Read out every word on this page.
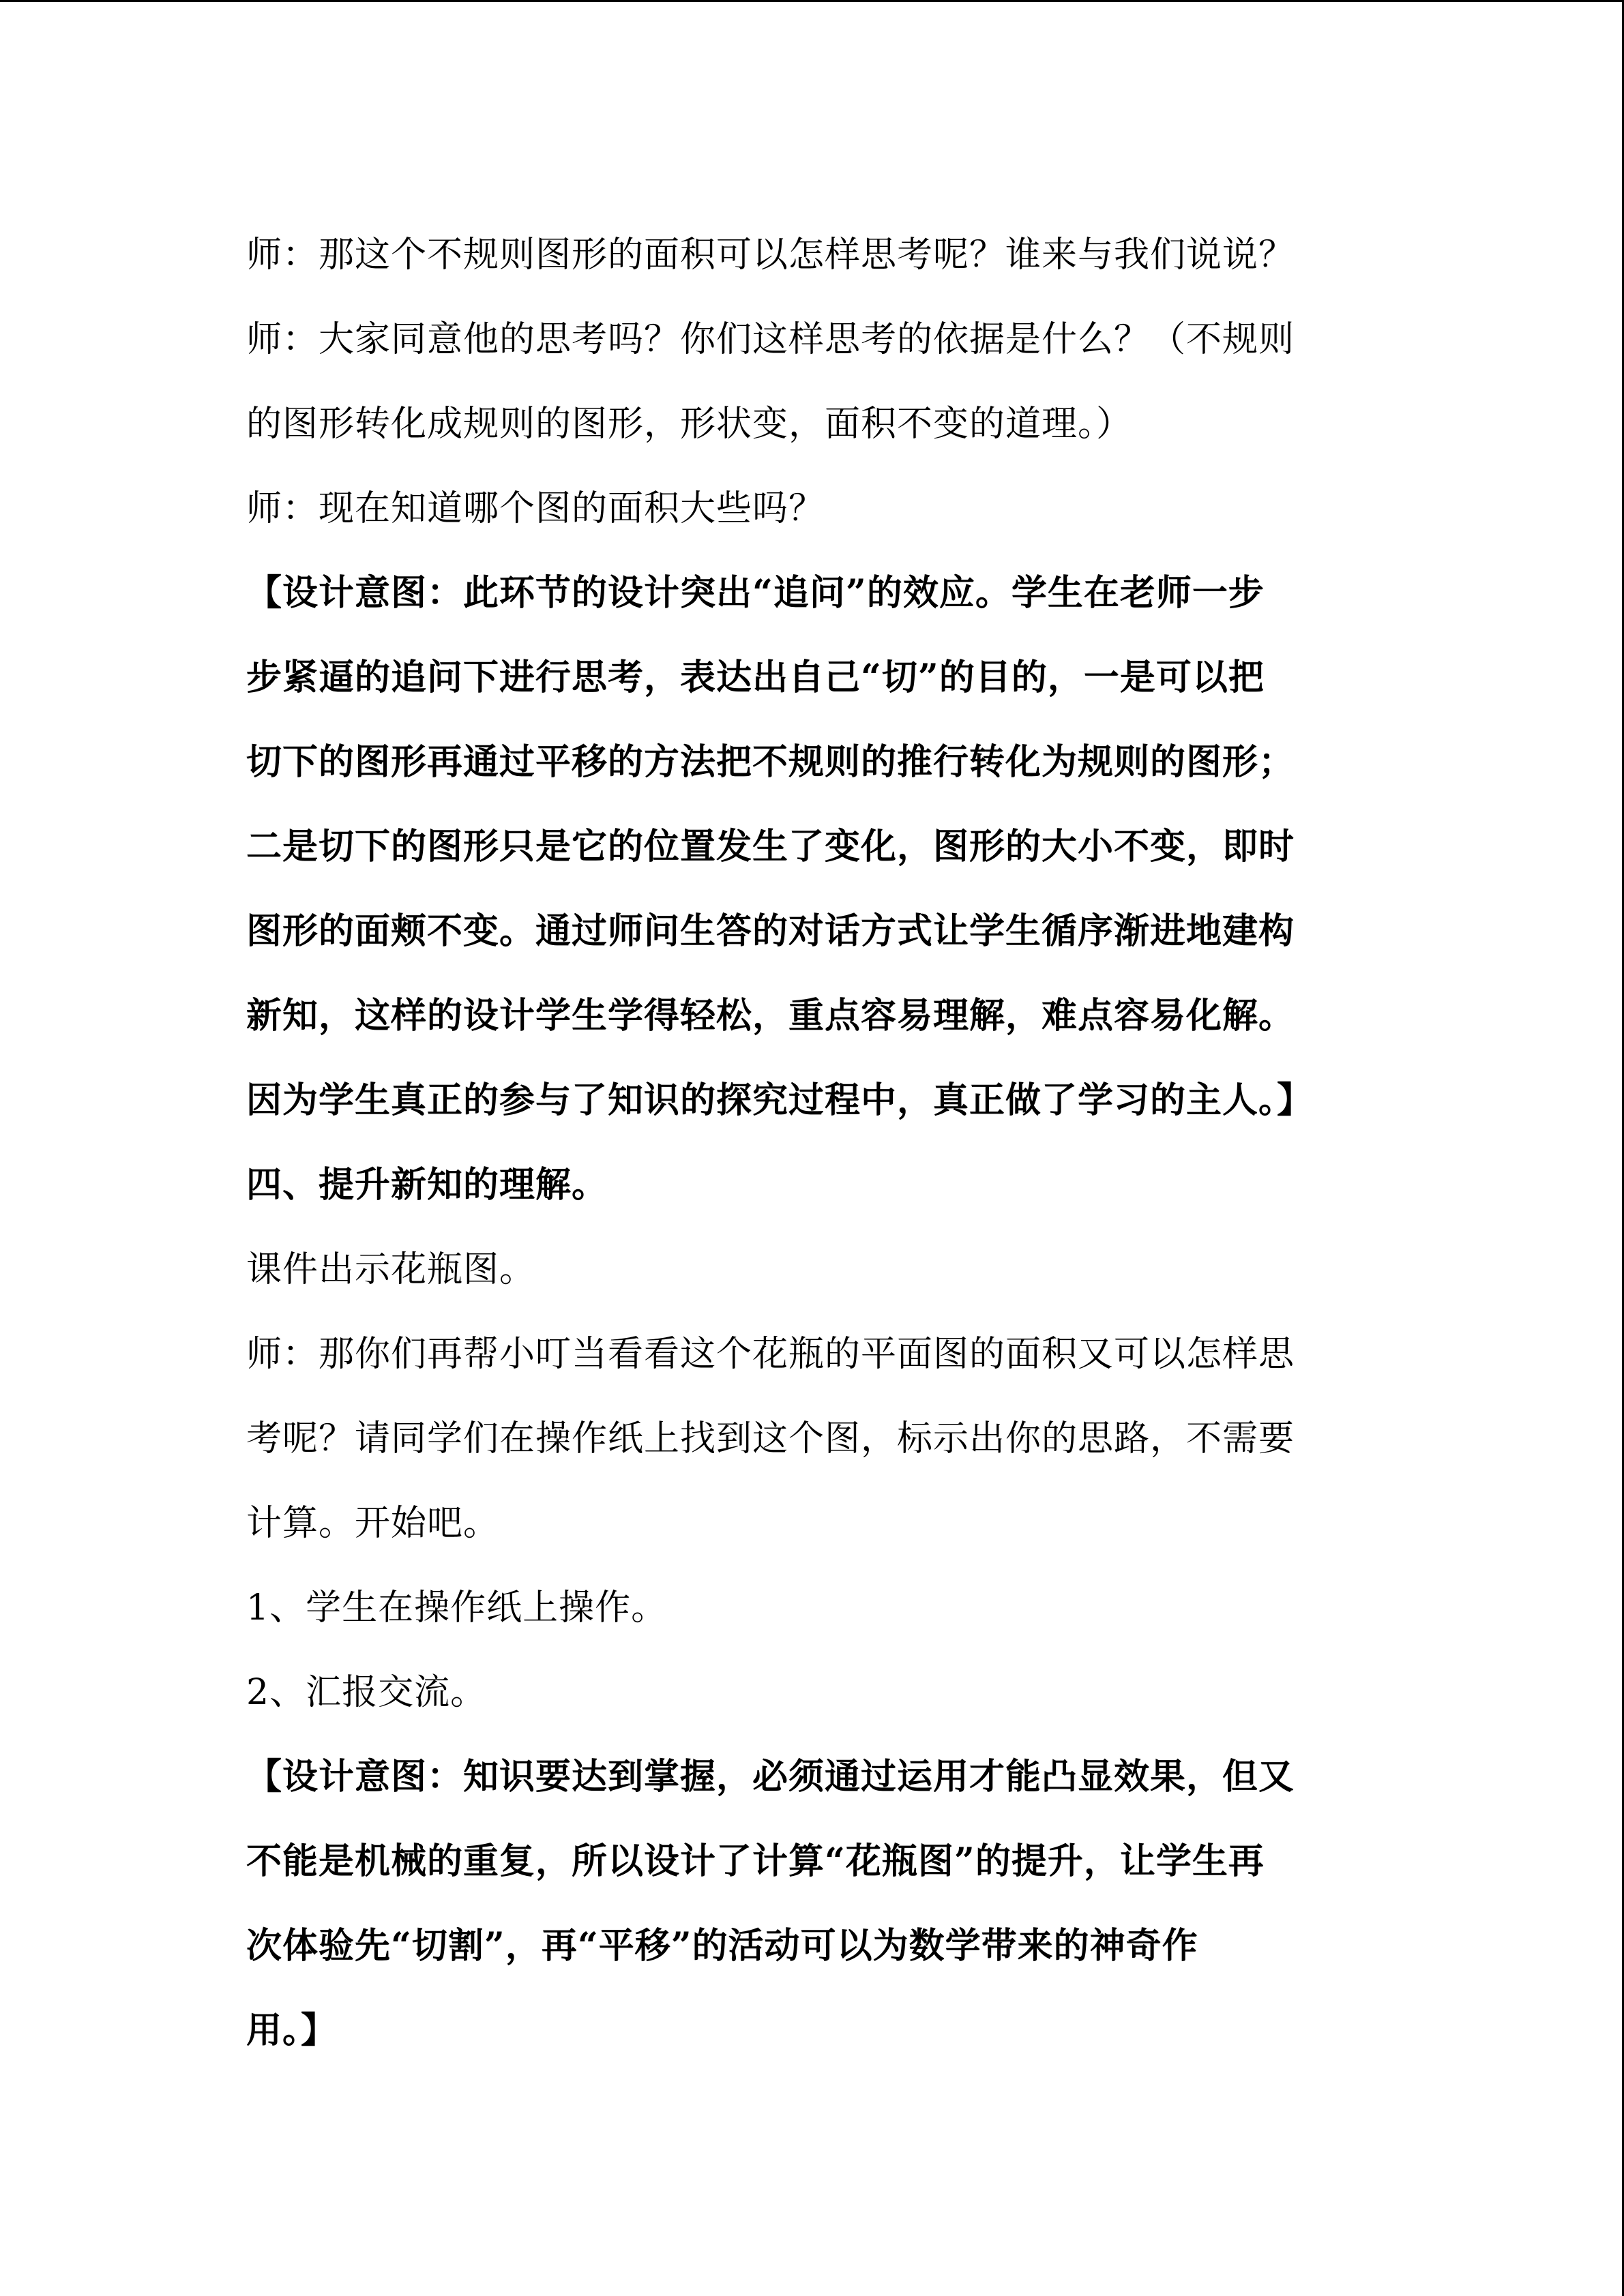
师：那这个不规则图形的面积可以怎样思考呢？谁来与我们说说？

师：大家同意他的思考吗？你们这样思考的依据是什么？（不规则

的图形转化成规则的图形，形状变，面积不变的道理。）

师：现在知道哪个图的面积大些吗？

【设计意图：此环节的设计突出“追问”的效应。学生在老师一步

步紧逼的追问下进行思考，表达出自己“切”的目的，一是可以把

切下的图形再通过平移的方法把不规则的推行转化为规则的图形；

二是切下的图形只是它的位置发生了变化，图形的大小不变，即时

图形的面颊不变。通过师问生答的对话方式让学生循序渐进地建构

新知，这样的设计学生学得轻松，重点容易理解，难点容易化解。

因为学生真正的参与了知识的探究过程中，真正做了学习的主人。】

四、提升新知的理解。

课件出示花瓶图。

师：那你们再帮小叮当看看这个花瓶的平面图的面积又可以怎样思

考呢？请同学们在操作纸上找到这个图，标示出你的思路，不需要

计算。开始吧。

1、学生在操作纸上操作。

2、汇报交流。

【设计意图：知识要达到掌握，必须通过运用才能凸显效果，但又

不能是机械的重复，所以设计了计算“花瓶图”的提升，让学生再

次体验先“切割”，再“平移”的活动可以为数学带来的神奇作

用。】
